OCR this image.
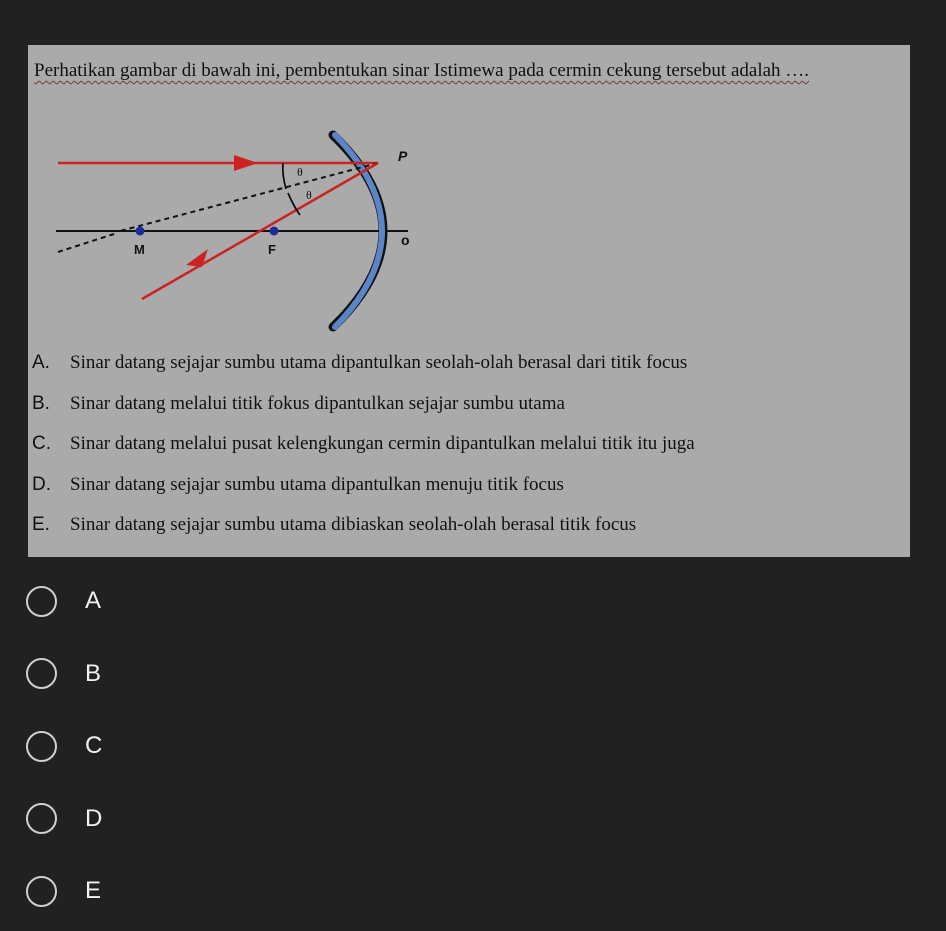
Perhatikan gambar di bawah ini, pembentukan sinar Istimewa pada cermin cekung tersebut adalah ….

θ
θ
P
M	F
o
A.	Sinar datang sejajar sumbu utama dipantulkan seolah-olah berasal dari titik focus
B.	Sinar datang melalui titik fokus dipantulkan sejajar sumbu utama
C.	Sinar datang melalui pusat kelengkungan cermin dipantulkan melalui titik itu juga
D.	Sinar datang sejajar sumbu utama dipantulkan menuju titik focus
E.	Sinar datang sejajar sumbu utama dibiaskan seolah-olah berasal titik focus
A
B
C
D
E
